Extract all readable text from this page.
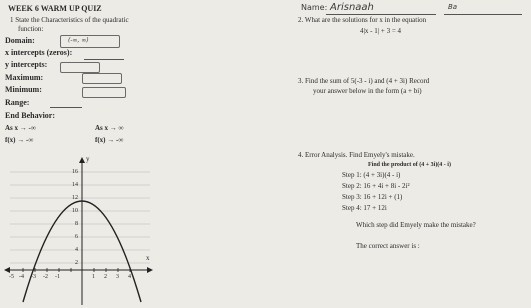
WEEK 6 WARM UP QUIZ	Name: Arisnaah	Ba
1 State the Characteristics of the quadratic
function:
Domain:	(-∞, ∞)
x intercepts (zeros):
y intercepts:
Maximum:
Minimum:
Range:
End Behavior:
As x → -∞	As x → ∞
f(x) → -∞	f(x) → -∞
2. What are the solutions for x in the equation
4|x - 1| + 3 = 4
3. Find the sum of 5(-3 - i) and (4 + 3i) Record
your answer below in the form (a + bi)
4. Error Analysis. Find Emyely's mistake.
Find the product of (4 + 3i)(4 - i)
Step 1: (4 + 3i)(4 - i)
Step 2: 16 + 4i + 8i - 2i²
Step 3: 16 + 12i + (1)
Step 4: 17 + 12i
Which step did Emyely make the mistake?
The correct answer is :
y
x
16
14
12
10
8
6
4
2
-5 -4 -3 -2 -1	1 2 3 4
